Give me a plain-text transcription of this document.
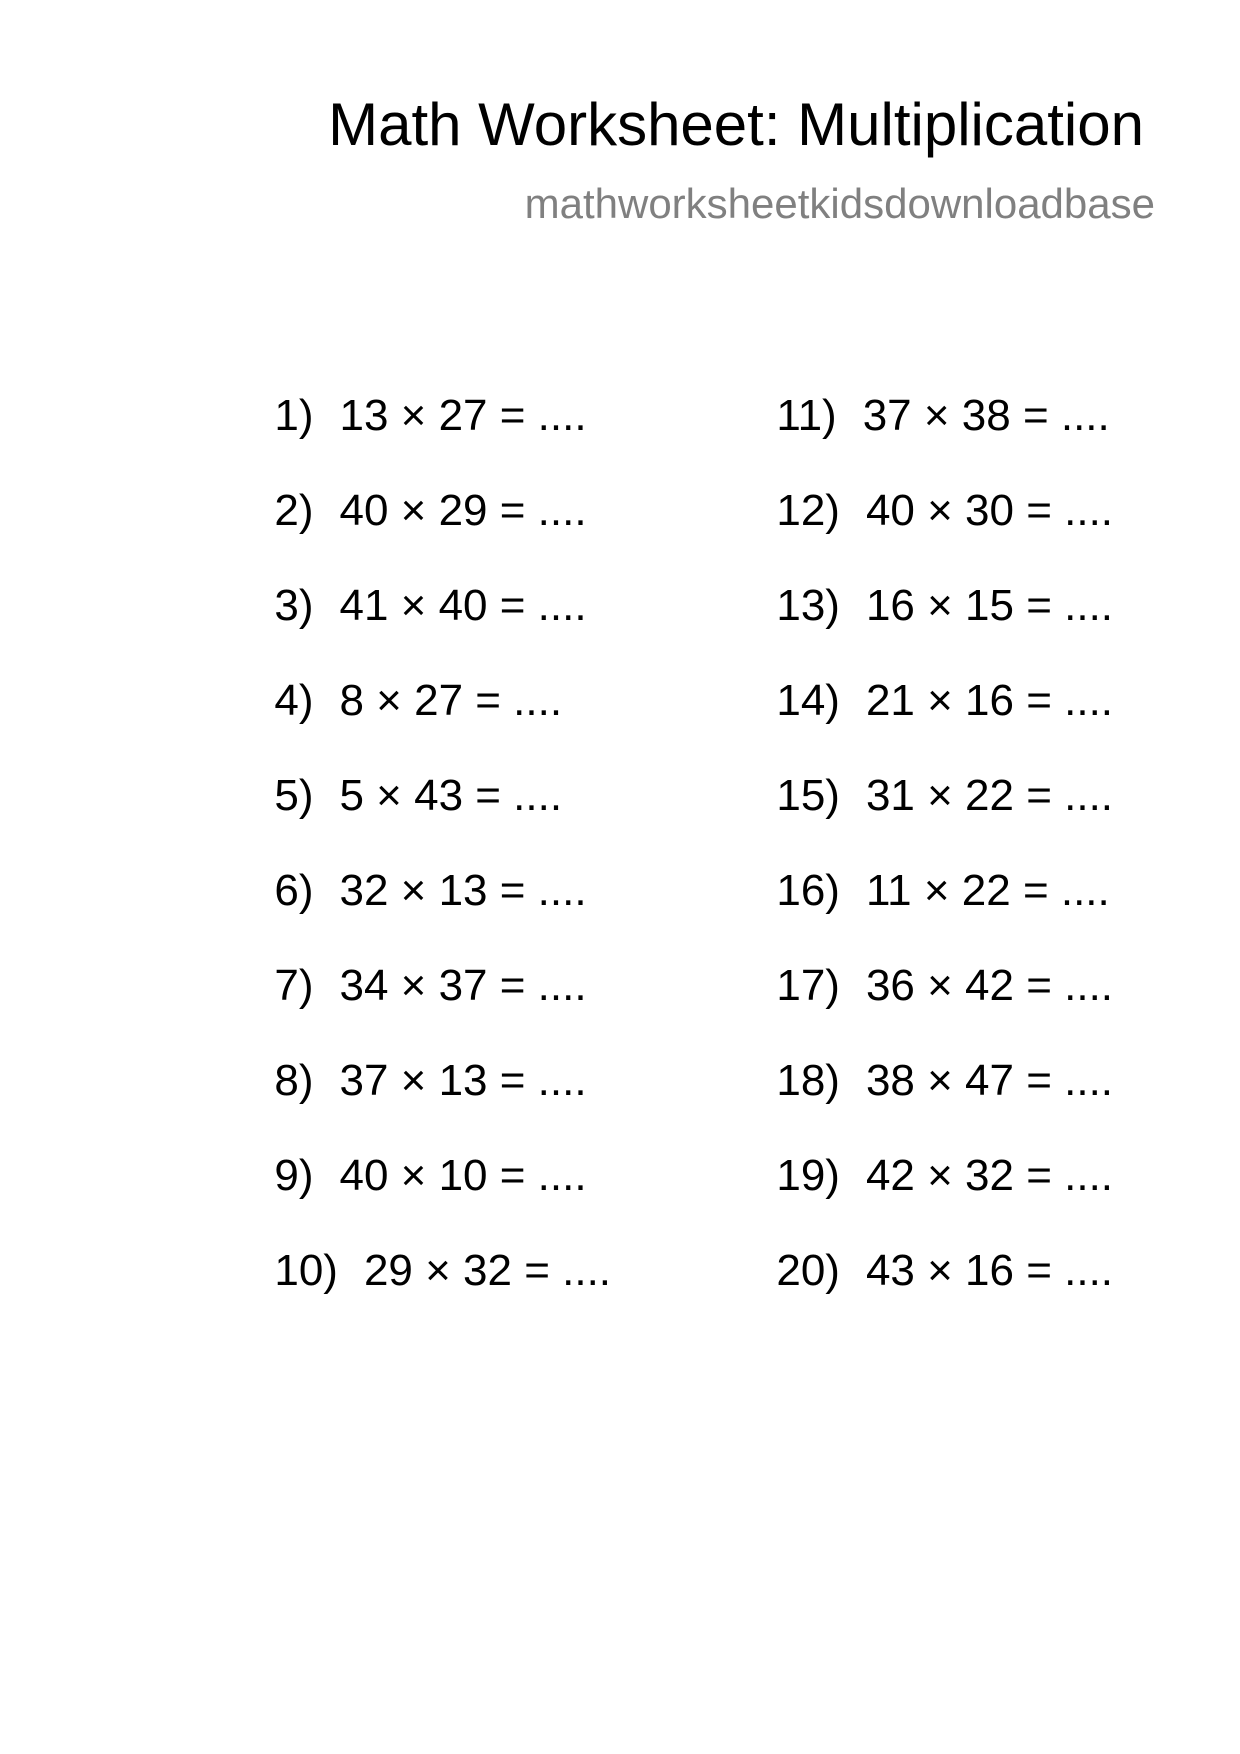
Math Worksheet: Multiplication
mathworksheetkidsdownloadbase

1) 13 × 27 = ....

2) 40 × 29 = ....

3) 41 × 40 = ....

4) 8 × 27 = ....

5) 5 × 43 = ....

6) 32 × 13 = ....

7) 34 × 37 = ....

8) 37 × 13 = ....

9) 40 × 10 = ....

10) 29 × 32 = ....

11) 37 × 38 = ....

12) 40 × 30 = ....

13) 16 × 15 = ....

14) 21 × 16 = ....

15) 31 × 22 = ....

16) 11 × 22 = ....

17) 36 × 42 = ....

18) 38 × 47 = ....

19) 42 × 32 = ....

20) 43 × 16 = ....
